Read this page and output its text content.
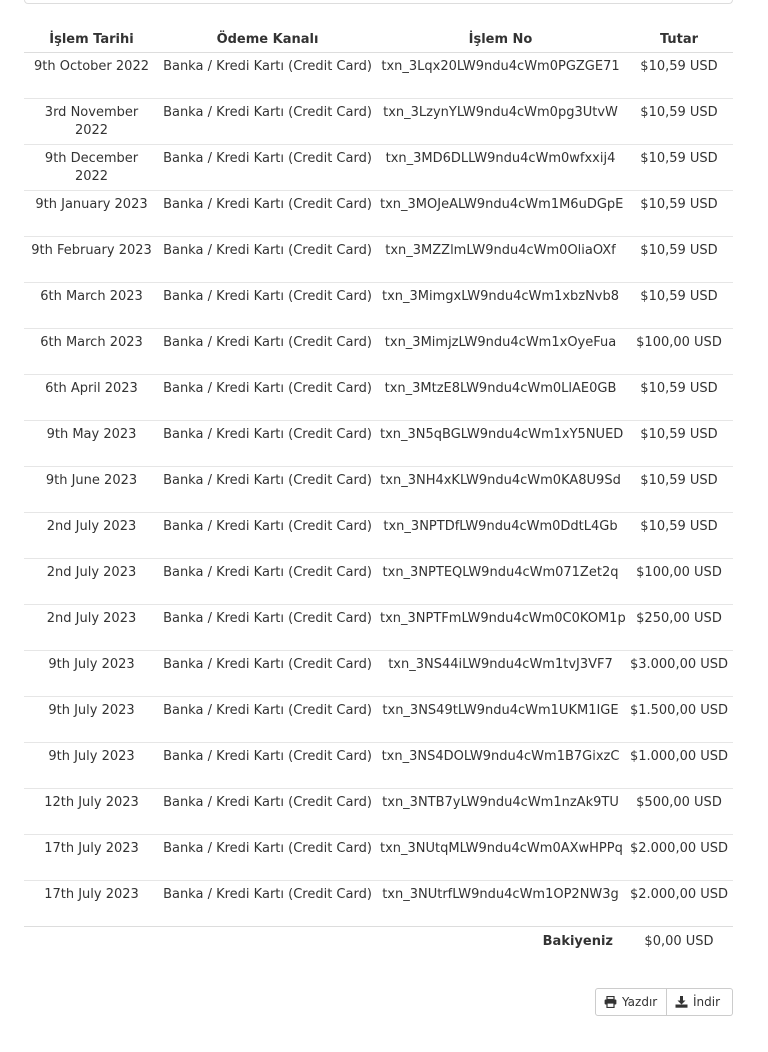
İşlem Tarihi	Ödeme Kanalı	İşlem No	Tutar
9th October 2022	Banka / Kredi Kartı (Credit Card)	txn_3Lqx20LW9ndu4cWm0PGZGE71	$10,59 USD
3rd November 2022	Banka / Kredi Kartı (Credit Card)	txn_3LzynYLW9ndu4cWm0pg3UtvW	$10,59 USD
9th December 2022	Banka / Kredi Kartı (Credit Card)	txn_3MD6DLLW9ndu4cWm0wfxxij4	$10,59 USD
9th January 2023	Banka / Kredi Kartı (Credit Card)	txn_3MOJeALW9ndu4cWm1M6uDGpE	$10,59 USD
9th February 2023	Banka / Kredi Kartı (Credit Card)	txn_3MZZlmLW9ndu4cWm0OliaOXf	$10,59 USD
6th March 2023	Banka / Kredi Kartı (Credit Card)	txn_3MimgxLW9ndu4cWm1xbzNvb8	$10,59 USD
6th March 2023	Banka / Kredi Kartı (Credit Card)	txn_3MimjzLW9ndu4cWm1xOyeFua	$100,00 USD
6th April 2023	Banka / Kredi Kartı (Credit Card)	txn_3MtzE8LW9ndu4cWm0LlAE0GB	$10,59 USD
9th May 2023	Banka / Kredi Kartı (Credit Card)	txn_3N5qBGLW9ndu4cWm1xY5NUED	$10,59 USD
9th June 2023	Banka / Kredi Kartı (Credit Card)	txn_3NH4xKLW9ndu4cWm0KA8U9Sd	$10,59 USD
2nd July 2023	Banka / Kredi Kartı (Credit Card)	txn_3NPTDfLW9ndu4cWm0DdtL4Gb	$10,59 USD
2nd July 2023	Banka / Kredi Kartı (Credit Card)	txn_3NPTEQLW9ndu4cWm071Zet2q	$100,00 USD
2nd July 2023	Banka / Kredi Kartı (Credit Card)	txn_3NPTFmLW9ndu4cWm0C0KOM1p	$250,00 USD
9th July 2023	Banka / Kredi Kartı (Credit Card)	txn_3NS44iLW9ndu4cWm1tvJ3VF7	$3.000,00 USD
9th July 2023	Banka / Kredi Kartı (Credit Card)	txn_3NS49tLW9ndu4cWm1UKM1IGE	$1.500,00 USD
9th July 2023	Banka / Kredi Kartı (Credit Card)	txn_3NS4DOLW9ndu4cWm1B7GixzC	$1.000,00 USD
12th July 2023	Banka / Kredi Kartı (Credit Card)	txn_3NTB7yLW9ndu4cWm1nzAk9TU	$500,00 USD
17th July 2023	Banka / Kredi Kartı (Credit Card)	txn_3NUtqMLW9ndu4cWm0AXwHPPq	$2.000,00 USD
17th July 2023	Banka / Kredi Kartı (Credit Card)	txn_3NUtrfLW9ndu4cWm1OP2NW3g	$2.000,00 USD
Bakiyeniz			$0,00 USD
Yazdır	İndir
